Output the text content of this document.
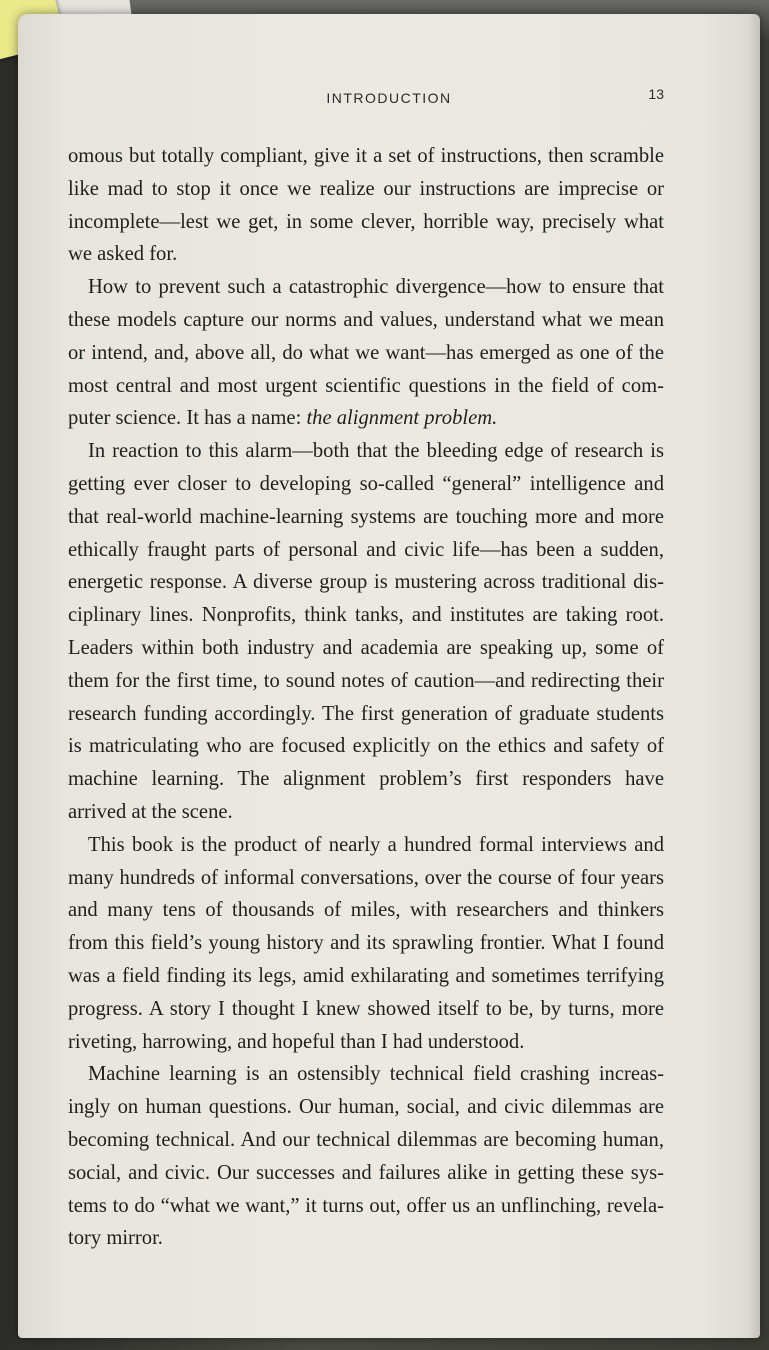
INTRODUCTION	13

omous but totally compliant, give it a set of instructions, then scramble like mad to stop it once we realize our instructions are imprecise or incomplete—lest we get, in some clever, horrible way, precisely what we asked for.

How to prevent such a catastrophic divergence—how to ensure that these models capture our norms and values, understand what we mean or intend, and, above all, do what we want—has emerged as one of the most central and most urgent scientific questions in the field of computer science. It has a name: the alignment problem.

In reaction to this alarm—both that the bleeding edge of research is getting ever closer to developing so-called “general” intelligence and that real-world machine-learning systems are touching more and more ethically fraught parts of personal and civic life—has been a sudden, energetic response. A diverse group is mustering across traditional disciplinary lines. Nonprofits, think tanks, and institutes are taking root. Leaders within both industry and academia are speaking up, some of them for the first time, to sound notes of caution—and redirecting their research funding accordingly. The first generation of graduate students is matriculating who are focused explicitly on the ethics and safety of machine learning. The alignment problem’s first responders have arrived at the scene.

This book is the product of nearly a hundred formal interviews and many hundreds of informal conversations, over the course of four years and many tens of thousands of miles, with researchers and thinkers from this field’s young history and its sprawling frontier. What I found was a field finding its legs, amid exhilarating and sometimes terrifying progress. A story I thought I knew showed itself to be, by turns, more riveting, harrowing, and hopeful than I had understood.

Machine learning is an ostensibly technical field crashing increasingly on human questions. Our human, social, and civic dilemmas are becoming technical. And our technical dilemmas are becoming human, social, and civic. Our successes and failures alike in getting these systems to do “what we want,” it turns out, offer us an unflinching, revelatory mirror.
